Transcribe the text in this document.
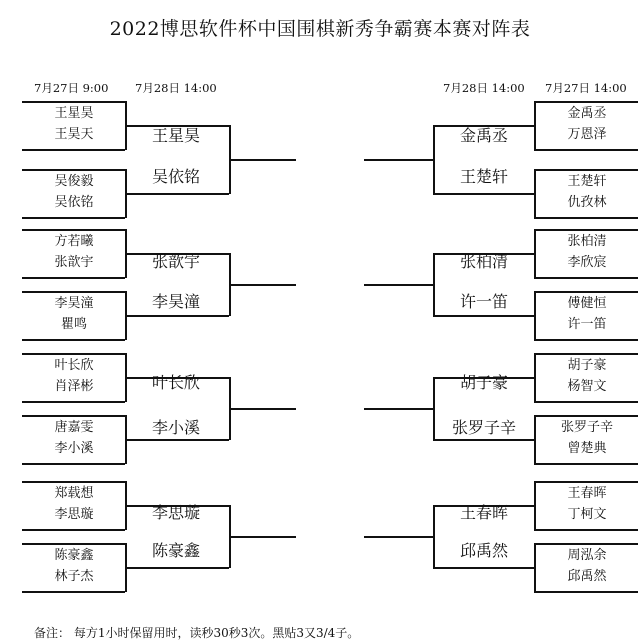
2022博思软件杯中国围棋新秀争霸赛本赛对阵表
7月27日 9:00 7月28日 14:00	7月28日 14:00 7月27日 14:00
王星昊
王昊天
吴俊毅
吴依铭
方若曦
张歆宇
李昊潼
瞿鸣
叶长欣
肖泽彬
唐嘉雯
李小溪
郑载想
李思璇
陈豪鑫
林子杰
王星昊
吴依铭
张歆宇
李昊潼
叶长欣
李小溪
李思璇
陈豪鑫
金禹丞
万恩泽
王楚轩
仇孜林
张柏清
李欣宸
傅健恒
许一笛
胡子豪
杨智文
张罗子辛
曾楚典
王春晖
丁柯文
周泓余
邱禹然
金禹丞
王楚轩
张柏清
许一笛
胡子豪
张罗子辛
王春晖
邱禹然
备注： 每方1小时保留用时，读秒30秒3次。黑贴3又3/4子。
